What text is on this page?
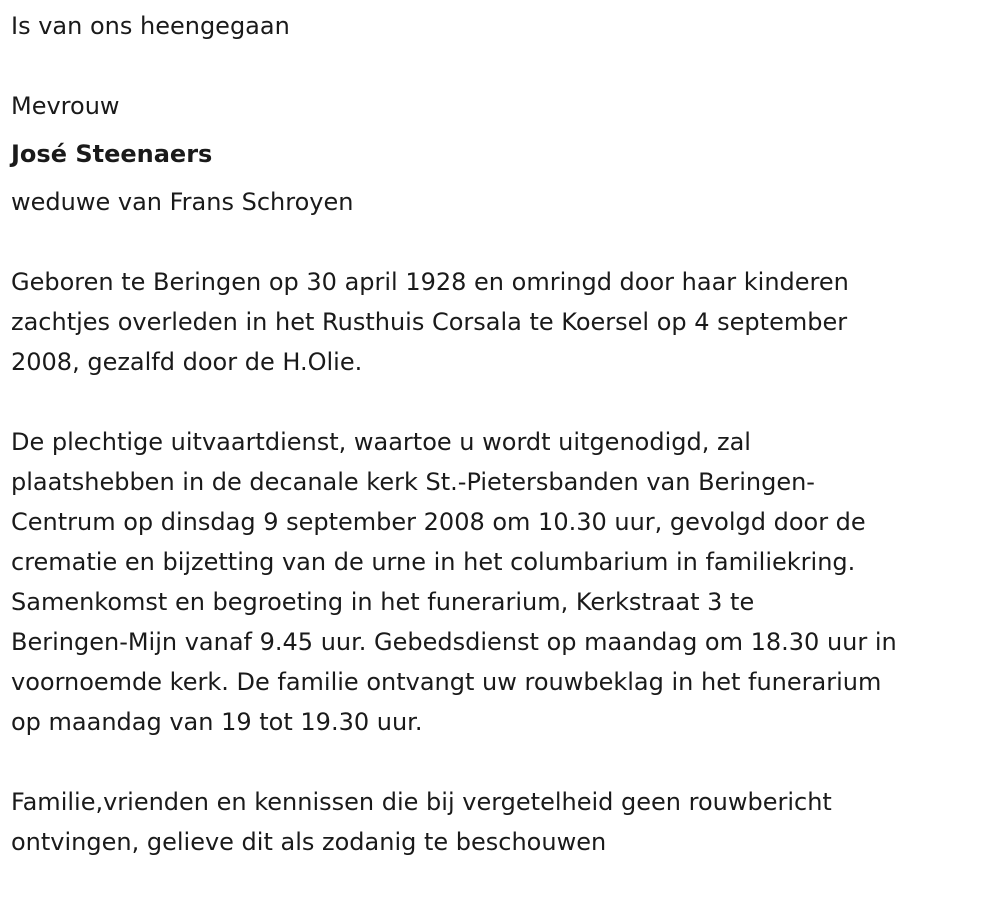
Is van ons heengegaan

Mevrouw

José Steenaers

weduwe van Frans Schroyen

Geboren te Beringen op 30 april 1928 en omringd door haar kinderen
zachtjes overleden in het Rusthuis Corsala te Koersel op 4 september
2008, gezalfd door de H.Olie.
De plechtige uitvaartdienst, waartoe u wordt uitgenodigd, zal
plaatshebben in de decanale kerk St.-Pietersbanden van Beringen-
Centrum op dinsdag 9 september 2008 om 10.30 uur, gevolgd door de
crematie en bijzetting van de urne in het columbarium in familiekring.
Samenkomst en begroeting in het funerarium, Kerkstraat 3 te
Beringen-Mijn vanaf 9.45 uur. Gebedsdienst op maandag om 18.30 uur in
voornoemde kerk. De familie ontvangt uw rouwbeklag in het funerarium
op maandag van 19 tot 19.30 uur.
Familie,vrienden en kennissen die bij vergetelheid geen rouwbericht
ontvingen, gelieve dit als zodanig te beschouwen
